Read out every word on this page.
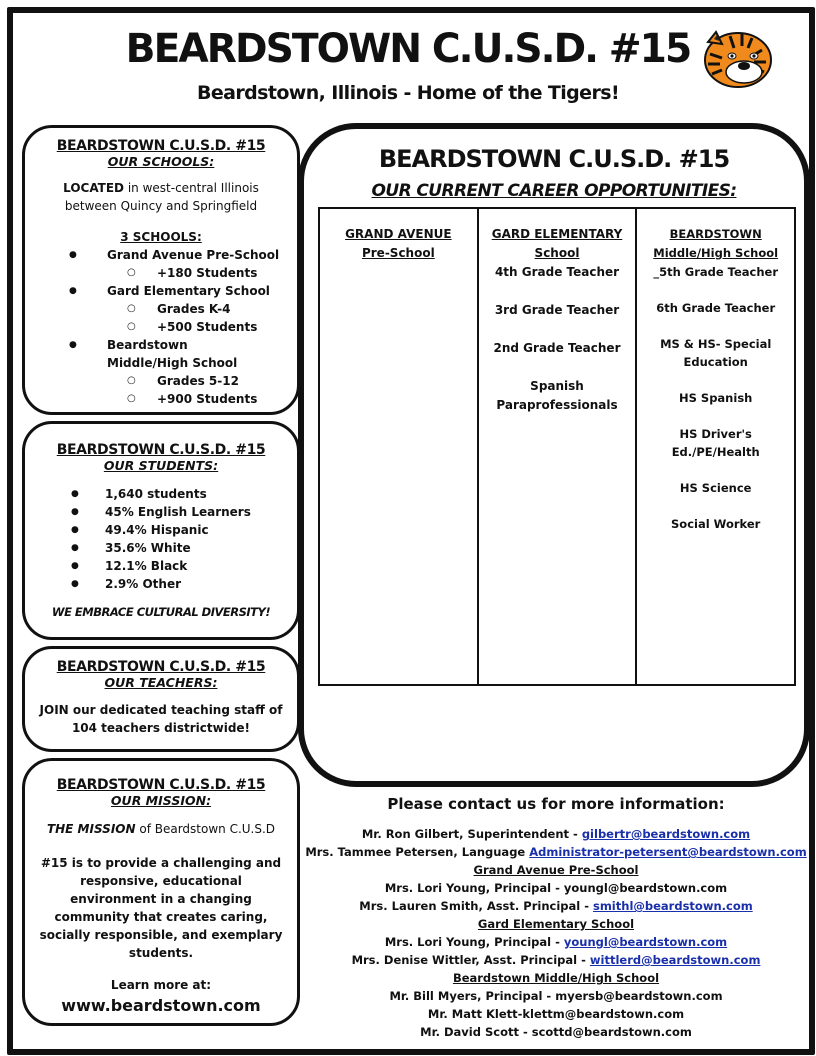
BEARDSTOWN C.U.S.D. #15
Beardstown, Illinois - Home of the Tigers!
BEARDSTOWN C.U.S.D. #15
OUR SCHOOLS:

LOCATED in west-central Illinois between Quincy and Springfield

3 SCHOOLS:

● Grand Avenue Pre-School
○ +180 Students
● Gard Elementary School
○ Grades K-4
○ +500 Students
● Beardstown Middle/High School
○ Grades 5-12
○ +900 Students
BEARDSTOWN C.U.S.D. #15
OUR STUDENTS:
● 1,640 students
● 45% English Learners
● 49.4% Hispanic
● 35.6% White
● 12.1% Black
● 2.9% Other

WE EMBRACE CULTURAL DIVERSITY!

BEARDSTOWN C.U.S.D. #15
OUR TEACHERS:

JOIN our dedicated teaching staff of

104 teachers districtwide!

BEARDSTOWN C.U.S.D. #15
OUR MISSION:

THE MISSION of Beardstown C.U.S.D

#15 is to provide a challenging and responsive, educational environment in a changing community that creates caring, socially responsible, and exemplary students.

Learn more at:

www.beardstown.com

BEARDSTOWN C.U.S.D. #15
OUR CURRENT CAREER OPPORTUNITIES:
GRAND AVENUE
Pre-School
GARD ELEMENTARY
School

4th Grade Teacher

3rd Grade Teacher

2nd Grade Teacher

Spanish Paraprofessionals

BEARDSTOWN
Middle/High School

_5th Grade Teacher

6th Grade Teacher

MS & HS- Special Education

HS Spanish

HS Driver's Ed./PE/Health

HS Science

Social Worker

Please contact us for more information:
Mr. Ron Gilbert, Superintendent - gilbertr@beardstown.com
Mrs. Tammee Petersen, Language Administrator-petersent@beardstown.com
Grand Avenue Pre-School
Mrs. Lori Young, Principal - youngl@beardstown.com
Mrs. Lauren Smith, Asst. Principal - smithl@beardstown.com
Gard Elementary School
Mrs. Lori Young, Principal - youngl@beardstown.com
Mrs. Denise Wittler, Asst. Principal - wittlerd@beardstown.com
Beardstown Middle/High School
Mr. Bill Myers, Principal - myersb@beardstown.com
Mr. Matt Klett-klettm@beardstown.com
Mr. David Scott - scottd@beardstown.com
